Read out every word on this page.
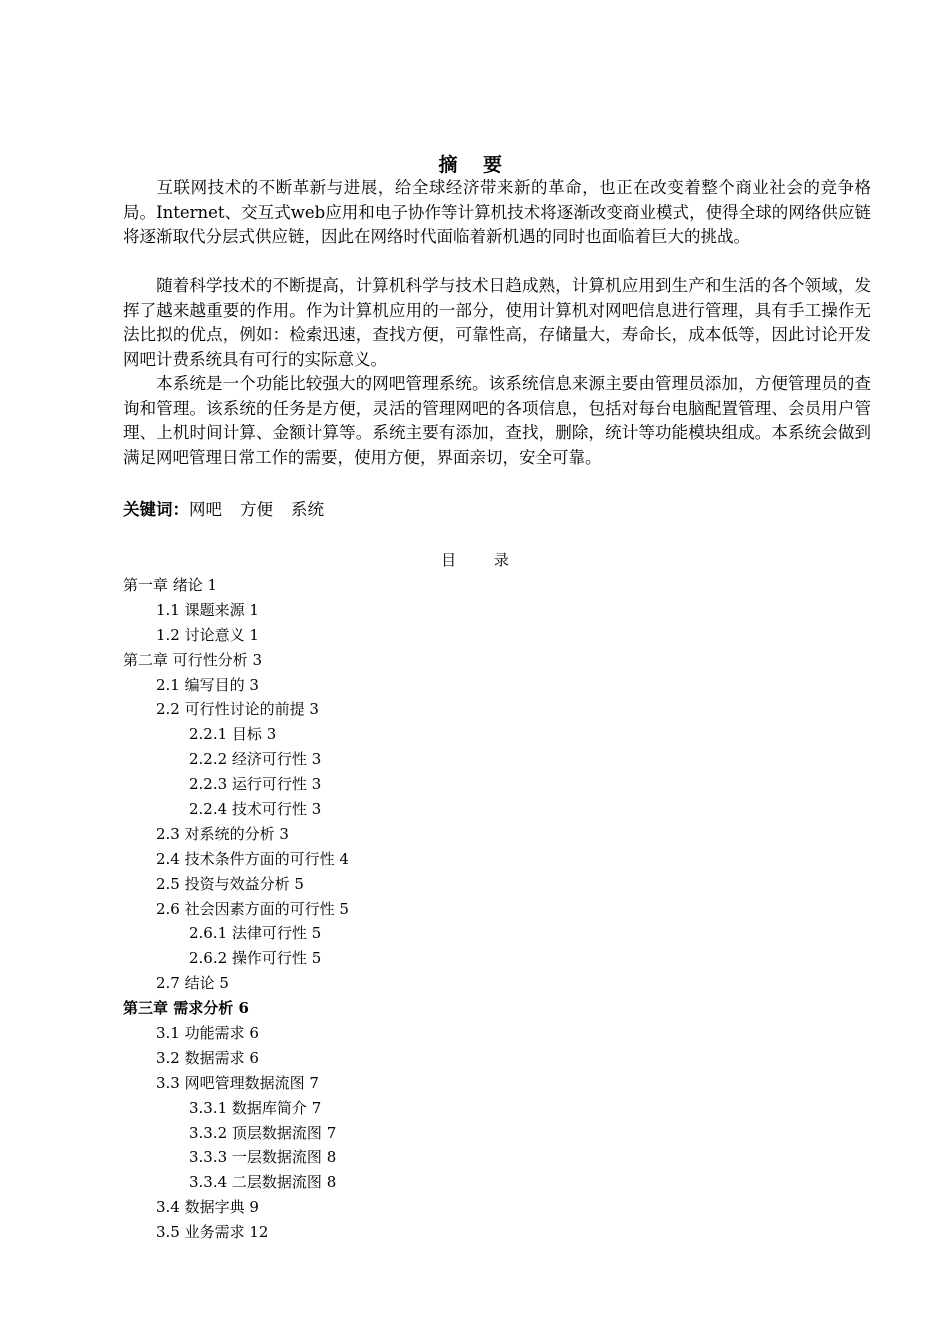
摘 要

互联网技术的不断革新与进展，给全球经济带来新的革命，也正在改变着整个商业社会的竞争格局。Internet、交互式web应用和电子协作等计算机技术将逐渐改变商业模式，使得全球的网络供应链将逐渐取代分层式供应链，因此在网络时代面临着新机遇的同时也面临着巨大的挑战。

随着科学技术的不断提高，计算机科学与技术日趋成熟，计算机应用到生产和生活的各个领域，发挥了越来越重要的作用。作为计算机应用的一部分，使用计算机对网吧信息进行管理，具有手工操作无法比拟的优点，例如：检索迅速，查找方便，可靠性高，存储量大，寿命长，成本低等，因此讨论开发网吧计费系统具有可行的实际意义。

本系统是一个功能比较强大的网吧管理系统。该系统信息来源主要由管理员添加，方便管理员的查询和管理。该系统的任务是方便，灵活的管理网吧的各项信息，包括对每台电脑配置管理、会员用户管理、上机时间计算、金额计算等。系统主要有添加，查找，删除，统计等功能模块组成。本系统会做到满足网吧管理日常工作的需要，使用方便，界面亲切，安全可靠。

关键词：网吧 方便 系统
目 录
第一章 绪论 1
1.1 课题来源 1
1.2 讨论意义 1
第二章 可行性分析 3
2.1 编写目的 3
2.2 可行性讨论的前提 3
2.2.1 目标 3
2.2.2 经济可行性 3
2.2.3 运行可行性 3
2.2.4 技术可行性 3
2.3 对系统的分析 3
2.4 技术条件方面的可行性 4
2.5 投资与效益分析 5
2.6 社会因素方面的可行性 5
2.6.1 法律可行性 5
2.6.2 操作可行性 5
2.7 结论 5
第三章 需求分析 6
3.1 功能需求 6
3.2 数据需求 6
3.3 网吧管理数据流图 7
3.3.1 数据库简介 7
3.3.2 顶层数据流图 7
3.3.3 一层数据流图 8
3.3.4 二层数据流图 8
3.4 数据字典 9
3.5 业务需求 12
